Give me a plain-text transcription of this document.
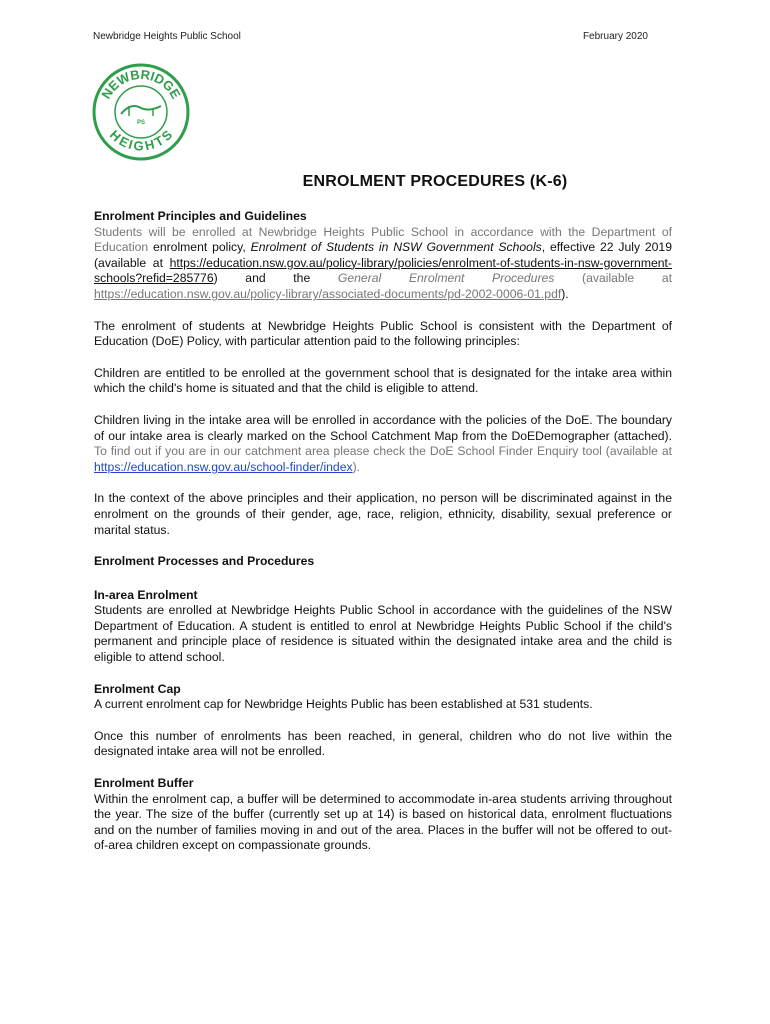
Newbridge Heights Public School	February 2020
NEWBRIDGE
HEIGHTS
PS
ENROLMENT PROCEDURES (K-6)

Enrolment Principles and Guidelines
Students will be enrolled at Newbridge Heights Public School in accordance with the Department of Education enrolment policy, Enrolment of Students in NSW Government Schools, effective 22 July 2019 (available at https://education.nsw.gov.au/policy-library/policies/enrolment-of-students-in-nsw-government-schools?refid=285776) and the General Enrolment Procedures (available at https://education.nsw.gov.au/policy-library/associated-documents/pd-2002-0006-01.pdf).

The enrolment of students at Newbridge Heights Public School is consistent with the Department of Education (DoE) Policy, with particular attention paid to the following principles:

Children are entitled to be enrolled at the government school that is designated for the intake area within which the child's home is situated and that the child is eligible to attend.

Children living in the intake area will be enrolled in accordance with the policies of the DoE. The boundary of our intake area is clearly marked on the School Catchment Map from the DoEDemographer (attached). To find out if you are in our catchment area please check the DoE School Finder Enquiry tool (available at https://education.nsw.gov.au/school-finder/index).

In the context of the above principles and their application, no person will be discriminated against in the enrolment on the grounds of their gender, age, race, religion, ethnicity, disability, sexual preference or marital status.

Enrolment Processes and Procedures

In-area Enrolment
Students are enrolled at Newbridge Heights Public School in accordance with the guidelines of the NSW Department of Education. A student is entitled to enrol at Newbridge Heights Public School if the child's permanent and principle place of residence is situated within the designated intake area and the child is eligible to attend school.

Enrolment Cap
A current enrolment cap for Newbridge Heights Public has been established at 531 students.

Once this number of enrolments has been reached, in general, children who do not live within the designated intake area will not be enrolled.

Enrolment Buffer
Within the enrolment cap, a buffer will be determined to accommodate in-area students arriving throughout the year. The size of the buffer (currently set up at 14) is based on historical data, enrolment fluctuations and on the number of families moving in and out of the area. Places in the buffer will not be offered to out-of-area children except on compassionate grounds.
